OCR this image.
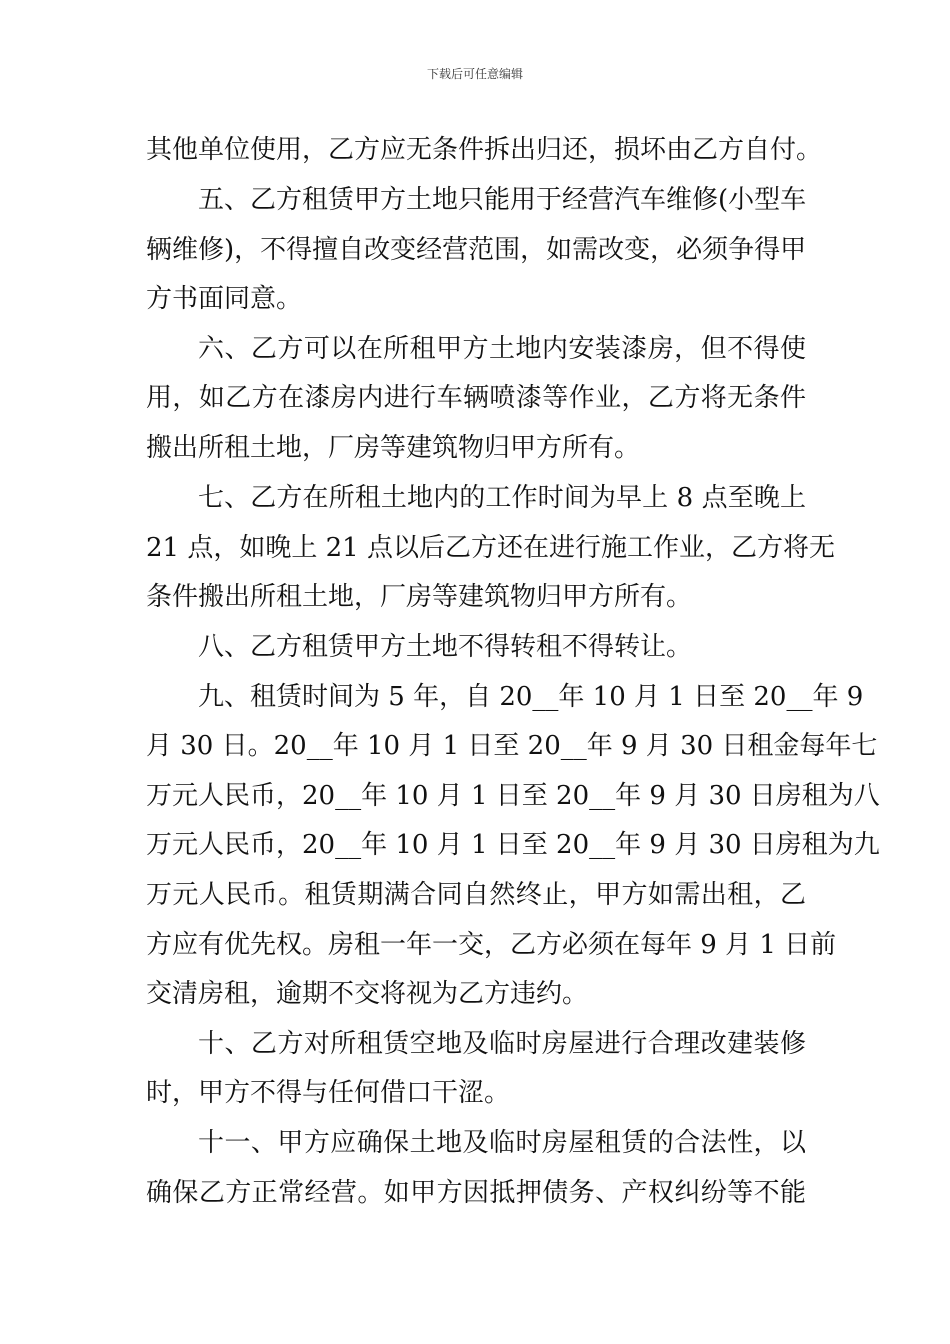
下载后可任意编辑
其他单位使用，乙方应无条件拆出归还，损坏由乙方自付。
五、乙方租赁甲方土地只能用于经营汽车维修(小型车
辆维修)，不得擅自改变经营范围，如需改变，必须争得甲
方书面同意。
六、乙方可以在所租甲方土地内安装漆房，但不得使
用，如乙方在漆房内进行车辆喷漆等作业，乙方将无条件
搬出所租土地，厂房等建筑物归甲方所有。
七、乙方在所租土地内的工作时间为早上 8 点至晚上
21 点，如晚上 21 点以后乙方还在进行施工作业，乙方将无
条件搬出所租土地，厂房等建筑物归甲方所有。
八、乙方租赁甲方土地不得转租不得转让。
九、租赁时间为 5 年，自 20__年 10 月 1 日至 20__年 9
月 30 日。20__年 10 月 1 日至 20__年 9 月 30 日租金每年七
万元人民币，20__年 10 月 1 日至 20__年 9 月 30 日房租为八
万元人民币，20__年 10 月 1 日至 20__年 9 月 30 日房租为九
万元人民币。租赁期满合同自然终止，甲方如需出租，乙
方应有优先权。房租一年一交，乙方必须在每年 9 月 1 日前
交清房租，逾期不交将视为乙方违约。
十、乙方对所租赁空地及临时房屋进行合理改建装修
时，甲方不得与任何借口干涩。
十一、甲方应确保土地及临时房屋租赁的合法性，以
确保乙方正常经营。如甲方因抵押债务、产权纠纷等不能
